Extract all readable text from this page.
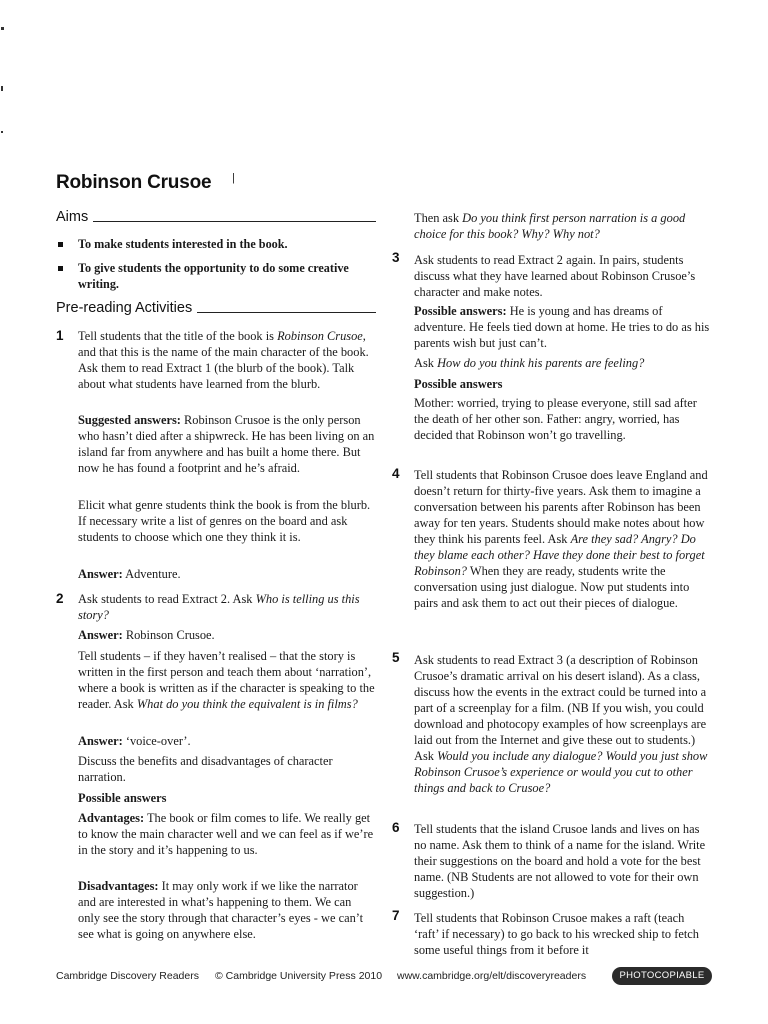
Robinson Crusoe |
Aims
To make students interested in the book.
To give students the opportunity to do some creative writing.
Pre-reading Activities
1 Tell students that the title of the book is Robinson Crusoe, and that this is the name of the main character of the book. Ask them to read Extract 1 (the blurb of the book). Talk about what students have learned from the blurb.
Suggested answers: Robinson Crusoe is the only person who hasn’t died after a shipwreck. He has been living on an island far from anywhere and has built a home there. But now he has found a footprint and he’s afraid.
Elicit what genre students think the book is from the blurb. If necessary write a list of genres on the board and ask students to choose which one they think it is.
Answer: Adventure.
2 Ask students to read Extract 2. Ask Who is telling us this story?
Answer: Robinson Crusoe.
Tell students – if they haven’t realised – that the story is written in the first person and teach them about ‘narration’, where a book is written as if the character is speaking to the reader. Ask What do you think the equivalent is in films?
Answer: ‘voice-over’.
Discuss the benefits and disadvantages of character narration.
Possible answers
Advantages: The book or film comes to life. We really get to know the main character well and we can feel as if we’re in the story and it’s happening to us.
Disadvantages: It may only work if we like the narrator and are interested in what’s happening to them. We can only see the story through that character’s eyes - we can’t see what is going on anywhere else.
Then ask Do you think first person narration is a good choice for this book? Why? Why not?
3 Ask students to read Extract 2 again. In pairs, students discuss what they have learned about Robinson Crusoe’s character and make notes.
Possible answers: He is young and has dreams of adventure. He feels tied down at home. He tries to do as his parents wish but just can’t.
Ask How do you think his parents are feeling?
Possible answers
Mother: worried, trying to please everyone, still sad after the death of her other son. Father: angry, worried, has decided that Robinson won’t go travelling.
4 Tell students that Robinson Crusoe does leave England and doesn’t return for thirty-five years. Ask them to imagine a conversation between his parents after Robinson has been away for ten years. Students should make notes about how they think his parents feel. Ask Are they sad? Angry? Do they blame each other? Have they done their best to forget Robinson? When they are ready, students write the conversation using just dialogue. Now put students into pairs and ask them to act out their pieces of dialogue.
5 Ask students to read Extract 3 (a description of Robinson Crusoe’s dramatic arrival on his desert island). As a class, discuss how the events in the extract could be turned into a part of a screenplay for a film. (NB If you wish, you could download and photocopy examples of how screenplays are laid out from the Internet and give these out to students.) Ask Would you include any dialogue? Would you just show Robinson Crusoe’s experience or would you cut to other things and back to Crusoe?
6 Tell students that the island Crusoe lands and lives on has no name. Ask them to think of a name for the island. Write their suggestions on the board and hold a vote for the best name. (NB Students are not allowed to vote for their own suggestion.)
7 Tell students that Robinson Crusoe makes a raft (teach ‘raft’ if necessary) to go back to his wrecked ship to fetch some useful things from it before it
Cambridge Discovery Readers © Cambridge University Press 2010 www.cambridge.org/elt/discoveryreaders	PHOTOCOPIABLE
